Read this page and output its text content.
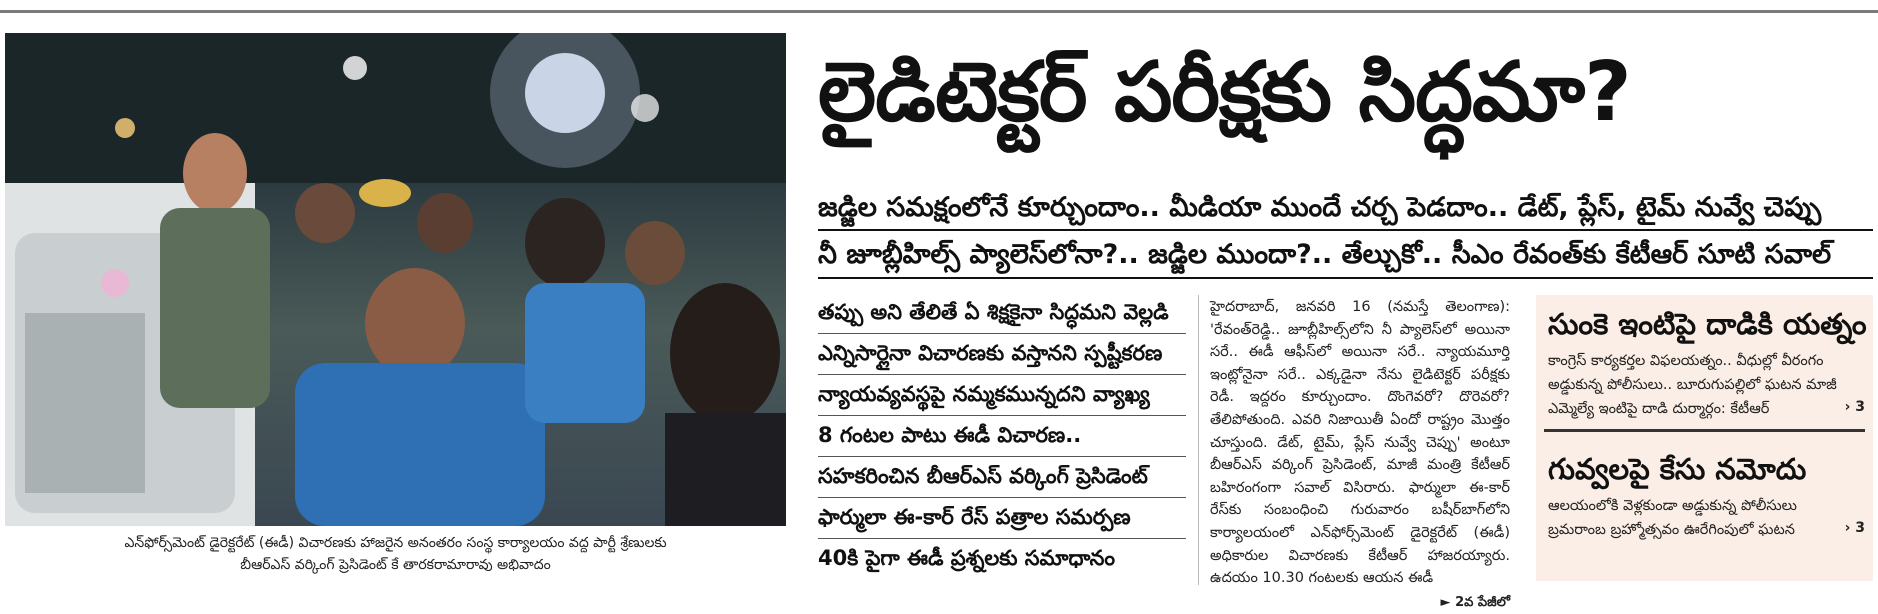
ఎన్‌ఫోర్స్‌మెంట్ డైరెక్టరేట్ (ఈడీ) విచారణకు హాజరైన అనంతరం సంస్థ కార్యాలయం వద్ద పార్టీ శ్రేణులకు
బీఆర్‌ఎస్ వర్కింగ్ ప్రెసిడెంట్ కే తారకరామారావు అభివాదం
లైడిటెక్టర్ పరీక్షకు సిద్ధమా?
జడ్జిల సమక్షంలోనే కూర్చుందాం.. మీడియా ముందే చర్చ పెడదాం.. డేట్, ప్లేస్, టైమ్ నువ్వే చెప్పు
నీ జూబ్లీహిల్స్ ప్యాలెస్‌లోనా?.. జడ్జిల ముందా?.. తేల్చుకో.. సీఎం రేవంత్‌కు కేటీఆర్ సూటి సవాల్
తప్పు అని తేలితే ఏ శిక్షకైనా సిద్ధమని వెల్లడి
ఎన్నిసార్లైనా విచారణకు వస్తానని స్పష్టీకరణ
న్యాయవ్యవస్థపై నమ్మకమున్నదని వ్యాఖ్య
8 గంటల పాటు ఈడీ విచారణ..
సహకరించిన బీఆర్‌ఎస్ వర్కింగ్ ప్రెసిడెంట్
ఫార్ములా ఈ-కార్ రేస్ పత్రాల సమర్పణ
40కి పైగా ఈడీ ప్రశ్నలకు సమాధానం
హైదరాబాద్, జనవరి 16 (నమస్తే తెలంగాణ): 'రేవంత్‌రెడ్డి.. జూబ్లీహిల్స్‌లోని నీ ప్యాలెస్‌లో అయినా సరే.. ఈడీ ఆఫీస్‌లో అయినా సరే.. న్యాయమూర్తి ఇంట్లోనైనా సరే.. ఎక్కడైనా నేను లైడిటెక్టర్ పరీక్షకు రెడీ. ఇద్దరం కూర్చుందాం. దొంగెవరో? దొరెవరో? తేలిపోతుంది. ఎవరి నిజాయితీ ఏందో రాష్ట్రం మొత్తం చూస్తుంది. డేట్, టైమ్, ప్లేస్ నువ్వే చెప్పు' అంటూ బీఆర్‌ఎస్ వర్కింగ్ ప్రెసిడెంట్, మాజీ మంత్రి కేటీఆర్ బహిరంగంగా సవాల్ విసిరారు. ఫార్ములా ఈ-కార్ రేస్‌కు సంబంధించి గురువారం బషీర్‌బాగ్‌లోని కార్యాలయంలో ఎన్‌ఫోర్స్‌మెంట్ డైరెక్టరేట్ (ఈడీ) అధికారుల విచారణకు కేటీఆర్ హాజరయ్యారు. ఉదయం 10.30 గంటలకు ఆయన ఈడీ
► 2వ పేజీలో
సుంకె ఇంటిపై దాడికి యత్నం
కాంగ్రెస్ కార్యకర్తల విఫలయత్నం.. వీధుల్లో వీరంగం అడ్డుకున్న పోలీసులు.. బూరుగుపల్లిలో ఘటన మాజీ ఎమ్మెల్యే ఇంటిపై దాడి దుర్మార్గం: కేటీఆర్	› 3
గువ్వలపై కేసు నమోదు
ఆలయంలోకి వెళ్లకుండా అడ్డుకున్న పోలీసులు బ్రమరాంబ బ్రహ్మోత్సవం ఊరేగింపులో ఘటన	› 3
